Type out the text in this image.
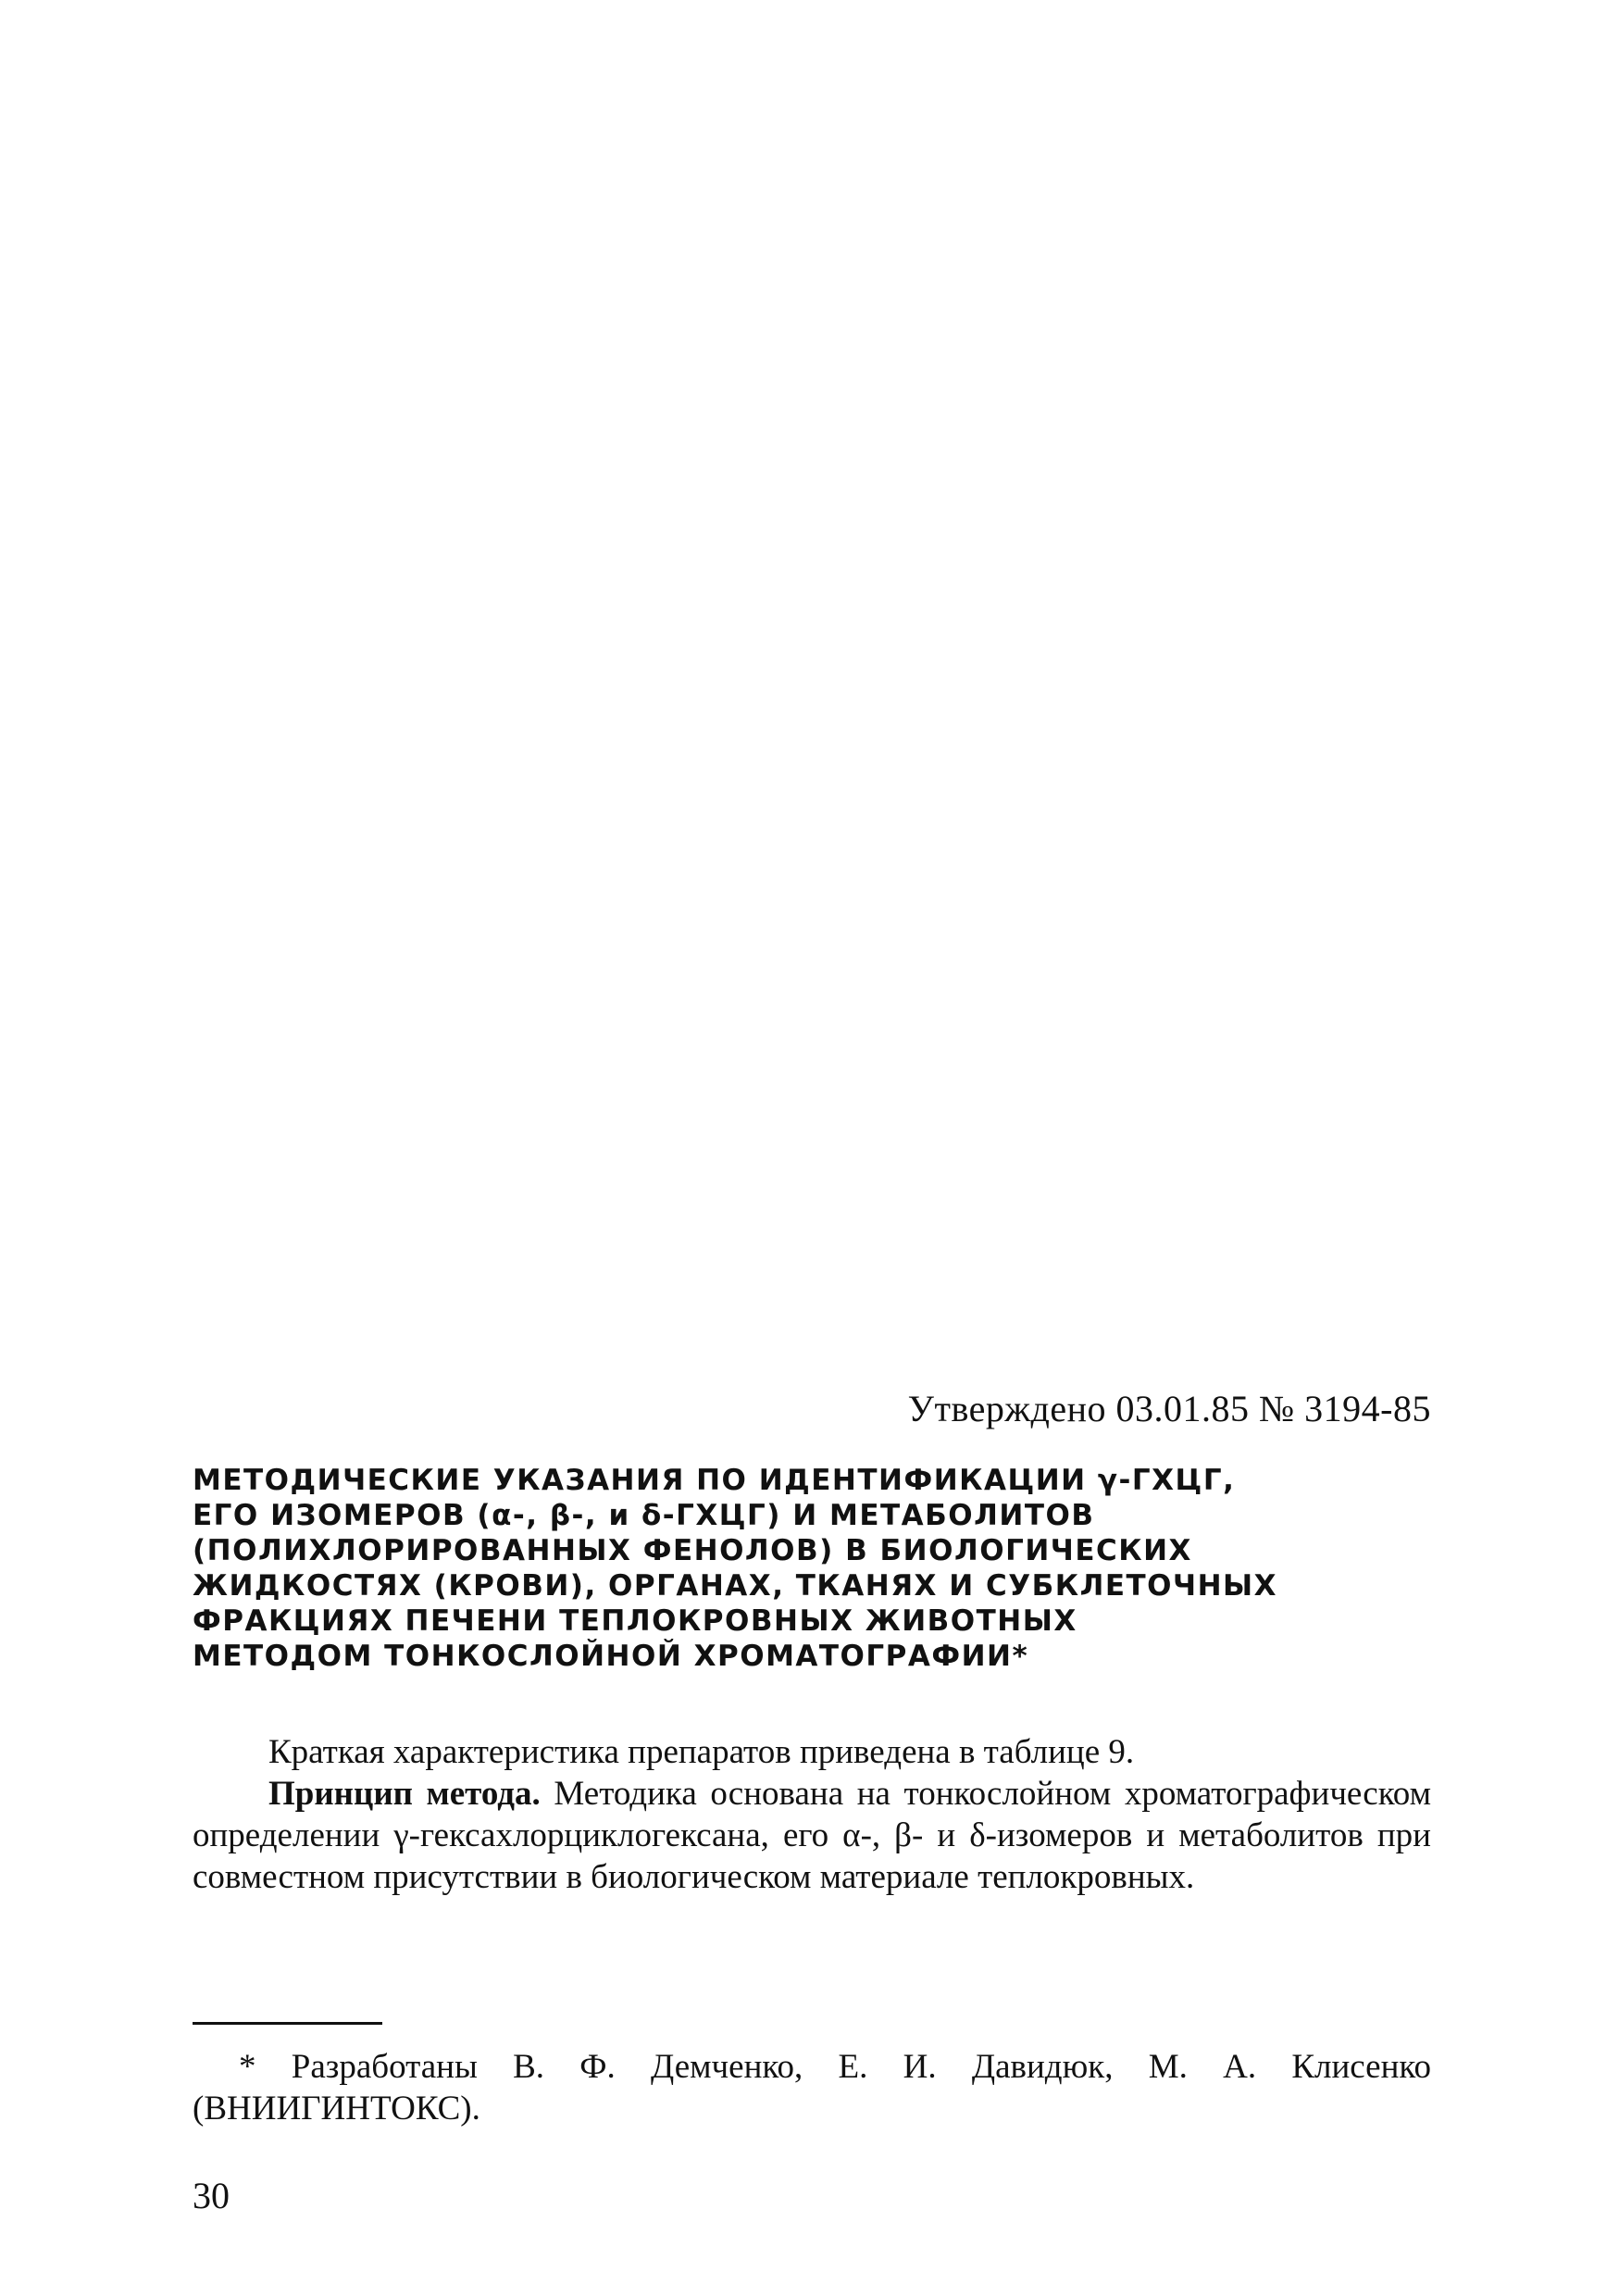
Утверждено 03.01.85 № 3194-85
МЕТОДИЧЕСКИЕ УКАЗАНИЯ ПО ИДЕНТИФИКАЦИИ γ-ГХЦГ,
ЕГО ИЗОМЕРОВ (α-, β-, и δ-ГХЦГ) И МЕТАБОЛИТОВ
(ПОЛИХЛОРИРОВАННЫХ ФЕНОЛОВ) В БИОЛОГИЧЕСКИХ
ЖИДКОСТЯХ (КРОВИ), ОРГАНАХ, ТКАНЯХ И СУБКЛЕТОЧНЫХ
ФРАКЦИЯХ ПЕЧЕНИ ТЕПЛОКРОВНЫХ ЖИВОТНЫХ
МЕТОДОМ ТОНКОСЛОЙНОЙ ХРОМАТОГРАФИИ*

Краткая характеристика препаратов приведена в таблице 9.

Принцип метода. Методика основана на тонкослойном хроматографическом определении γ-гексахлорциклогексана, его α-, β- и δ-изомеров и метаболитов при совместном присутствии в биологическом материале теплокровных.

* Разработаны В. Ф. Демченко, Е. И. Давидюк, М. А. Клисенко (ВНИИГИНТОКС).

30
